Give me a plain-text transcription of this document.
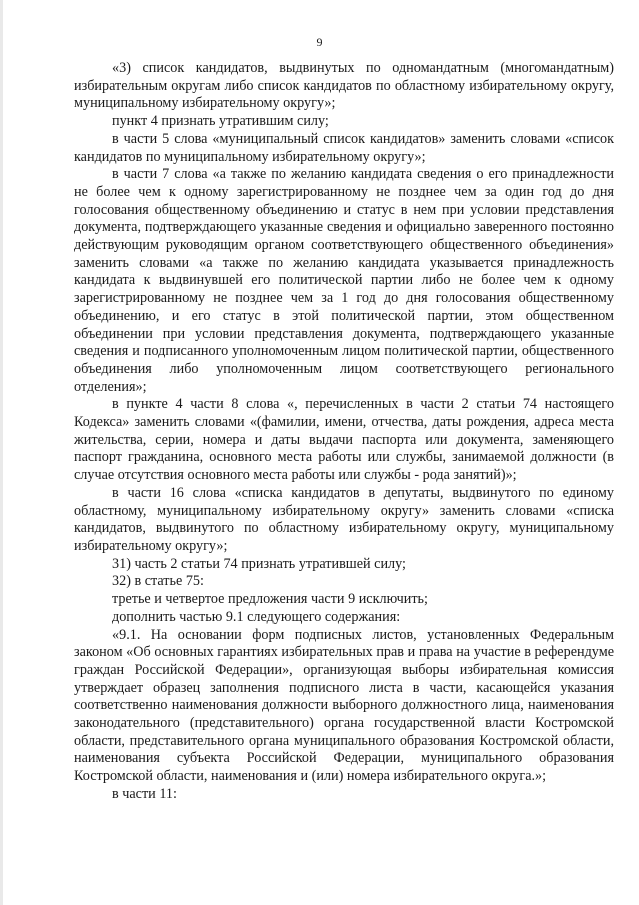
9

«3) список кандидатов, выдвинутых по одномандатным (многомандатным) избирательным округам либо список кандидатов по областному избирательному округу, муниципальному избирательному округу»;

пункт 4 признать утратившим силу;

в части 5 слова «муниципальный список кандидатов» заменить словами «список кандидатов по муниципальному избирательному округу»;

в части 7 слова «а также по желанию кандидата сведения о его принадлежности не более чем к одному зарегистрированному не позднее чем за один год до дня голосования общественному объединению и статус в нем при условии представления документа, подтверждающего указанные сведения и официально заверенного постоянно действующим руководящим органом соответствующего общественного объединения» заменить словами «а также по желанию кандидата указывается принадлежность кандидата к выдвинувшей его политической партии либо не более чем к одному зарегистрированному не позднее чем за 1 год до дня голосования общественному объединению, и его статус в этой политической партии, этом общественном объединении при условии представления документа, подтверждающего указанные сведения и подписанного уполномоченным лицом политической партии, общественного объединения либо уполномоченным лицом соответствующего регионального отделения»;

в пункте 4 части 8 слова «, перечисленных в части 2 статьи 74 настоящего Кодекса» заменить словами «(фамилии, имени, отчества, даты рождения, адреса места жительства, серии, номера и даты выдачи паспорта или документа, заменяющего паспорт гражданина, основного места работы или службы, занимаемой должности (в случае отсутствия основного места работы или службы - рода занятий)»;

в части 16 слова «списка кандидатов в депутаты, выдвинутого по единому областному, муниципальному избирательному округу» заменить словами «списка кандидатов, выдвинутого по областному избирательному округу, муниципальному избирательному округу»;

31) часть 2 статьи 74 признать утратившей силу;

32) в статье 75:

третье и четвертое предложения части 9 исключить;

дополнить частью 9.1 следующего содержания:

«9.1. На основании форм подписных листов, установленных Федеральным законом «Об основных гарантиях избирательных прав и права на участие в референдуме граждан Российской Федерации», организующая выборы избирательная комиссия утверждает образец заполнения подписного листа в части, касающейся указания соответственно наименования должности выборного должностного лица, наименования законодательного (представительного) органа государственной власти Костромской области, представительного органа муниципального образования Костромской области, наименования субъекта Российской Федерации, муниципального образования Костромской области, наименования и (или) номера избирательного округа.»;

в части 11:
